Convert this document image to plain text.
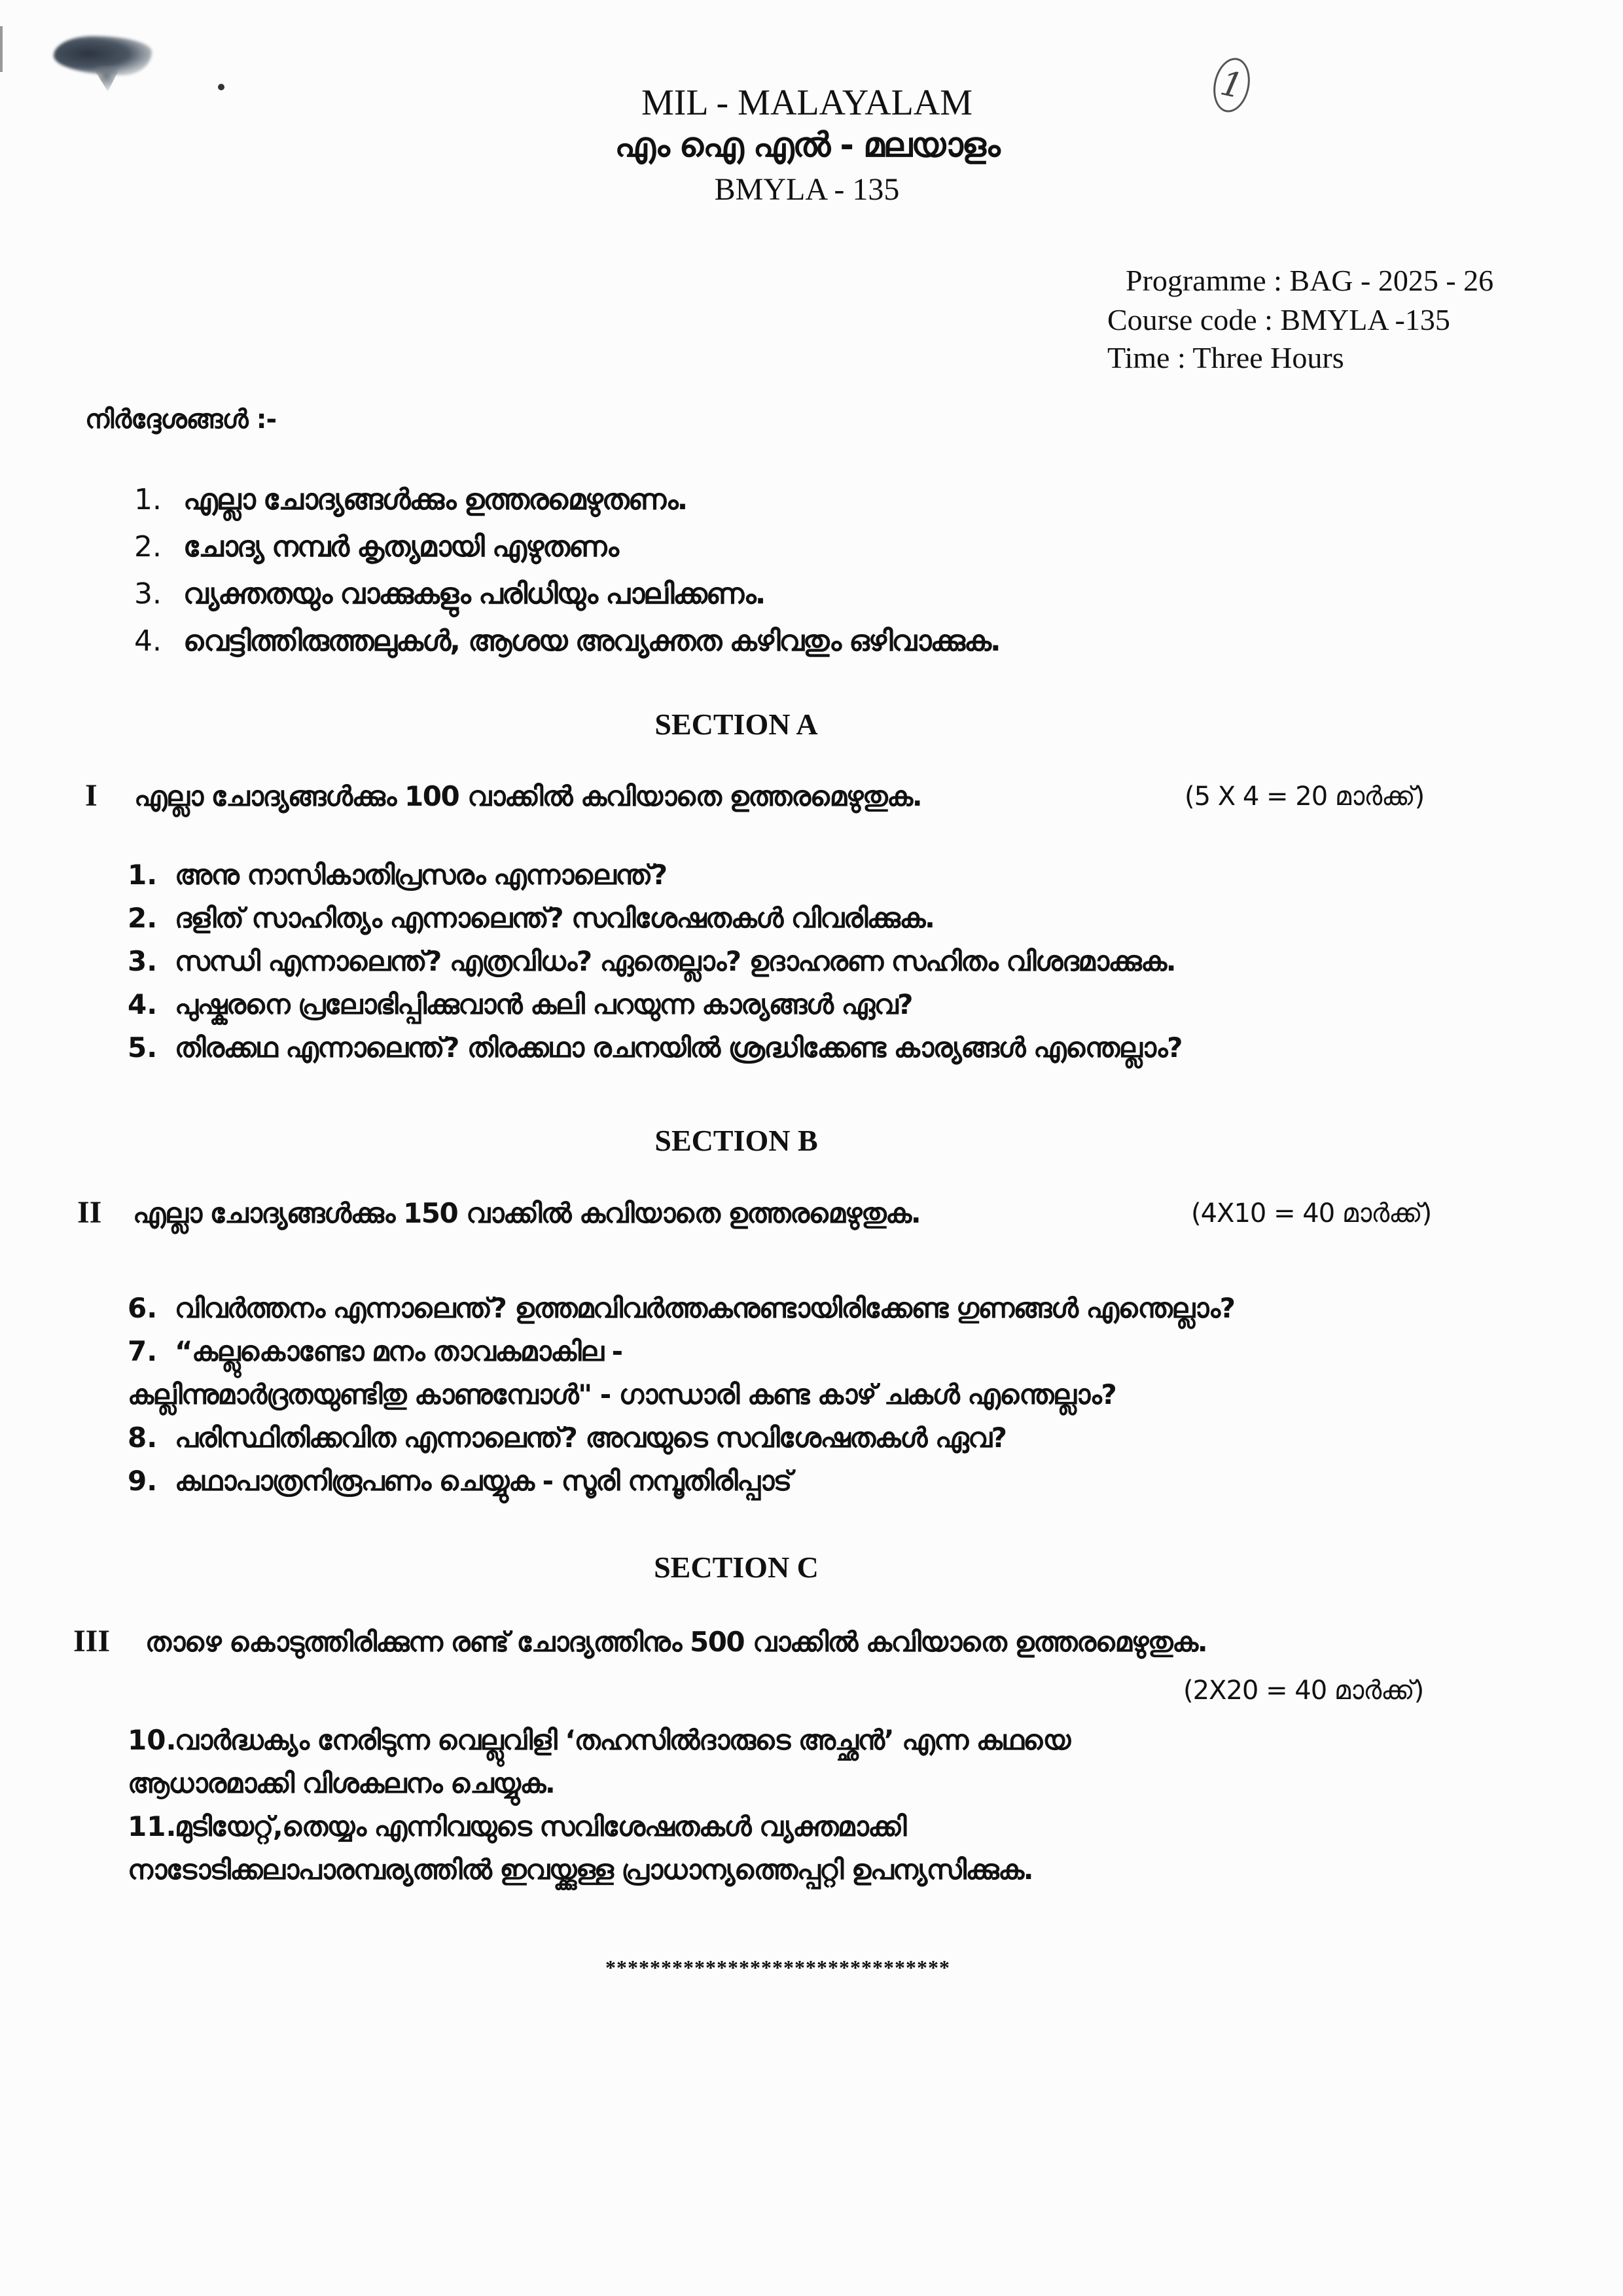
1
MIL - MALAYALAM
എം ഐ എൽ - മലയാളം
BMYLA - 135
Programme : BAG - 2025 - 26
Course code : BMYLA -135
Time : Three Hours
നിർദ്ദേശങ്ങൾ :-
1. എല്ലാ ചോദ്യങ്ങൾക്കും ഉത്തരമെഴുതണം.
2. ചോദ്യ നമ്പർ കൃത്യമായി എഴുതണം
3. വ്യക്തതയും വാക്കുകളും പരിധിയും പാലിക്കണം.
4. വെട്ടിത്തിരുത്തലുകൾ, ആശയ അവ്യക്തത കഴിവതും ഒഴിവാക്കുക.
SECTION A
I എല്ലാ ചോദ്യങ്ങൾക്കും 100 വാക്കിൽ കവിയാതെ ഉത്തരമെഴുതുക.	(5 X 4 = 20 മാർക്ക്)
1. അനു നാസികാതിപ്രസരം എന്നാലെന്ത്?
2. ദളിത് സാഹിത്യം എന്നാലെന്ത്? സവിശേഷതകൾ വിവരിക്കുക.
3. സന്ധി എന്നാലെന്ത്? എത്രവിധം? ഏതെല്ലാം? ഉദാഹരണ സഹിതം വിശദമാക്കുക.
4. പുഷ്കരനെ പ്രലോഭിപ്പിക്കുവാൻ കലി പറയുന്ന കാര്യങ്ങൾ ഏവ?
5. തിരക്കഥ എന്നാലെന്ത്? തിരക്കഥാ രചനയിൽ ശ്രദ്ധിക്കേണ്ട കാര്യങ്ങൾ എന്തെല്ലാം?
SECTION B
II എല്ലാ ചോദ്യങ്ങൾക്കും 150 വാക്കിൽ കവിയാതെ ഉത്തരമെഴുതുക.	(4X10 = 40 മാർക്ക്)
6. വിവർത്തനം എന്നാലെന്ത്? ഉത്തമവിവർത്തകനുണ്ടായിരിക്കേണ്ട ഗുണങ്ങൾ എന്തെല്ലാം?
7. “കല്ലുകൊണ്ടോ മനം താവകമാകില -
കല്ലിന്നുമാർദ്രതയുണ്ടിതു കാണുമ്പോൾ" - ഗാന്ധാരി കണ്ട കാഴ് ചകൾ എന്തെല്ലാം?
8. പരിസ്ഥിതിക്കവിത എന്നാലെന്ത്? അവയുടെ സവിശേഷതകൾ ഏവ?
9. കഥാപാത്രനിരൂപണം ചെയ്യുക - സൂരി നമ്പൂതിരിപ്പാട്
SECTION C
III താഴെ കൊടുത്തിരിക്കുന്ന രണ്ട് ചോദ്യത്തിനും 500 വാക്കിൽ കവിയാതെ ഉത്തരമെഴുതുക.
(2X20 = 40 മാർക്ക്)
10.വാർദ്ധക്യം നേരിടുന്ന വെല്ലുവിളി ‘തഹസിൽദാരുടെ അച്ഛൻ’ എന്ന കഥയെ
ആധാരമാക്കി വിശകലനം ചെയ്യുക.
11.മുടിയേറ്റ്,തെയ്യം എന്നിവയുടെ സവിശേഷതകൾ വ്യക്തമാക്കി
നാടോടിക്കലാപാരമ്പര്യത്തിൽ ഇവയ്ക്കുള്ള പ്രാധാന്യത്തെപ്പറ്റി ഉപന്യസിക്കുക.
*******************************
